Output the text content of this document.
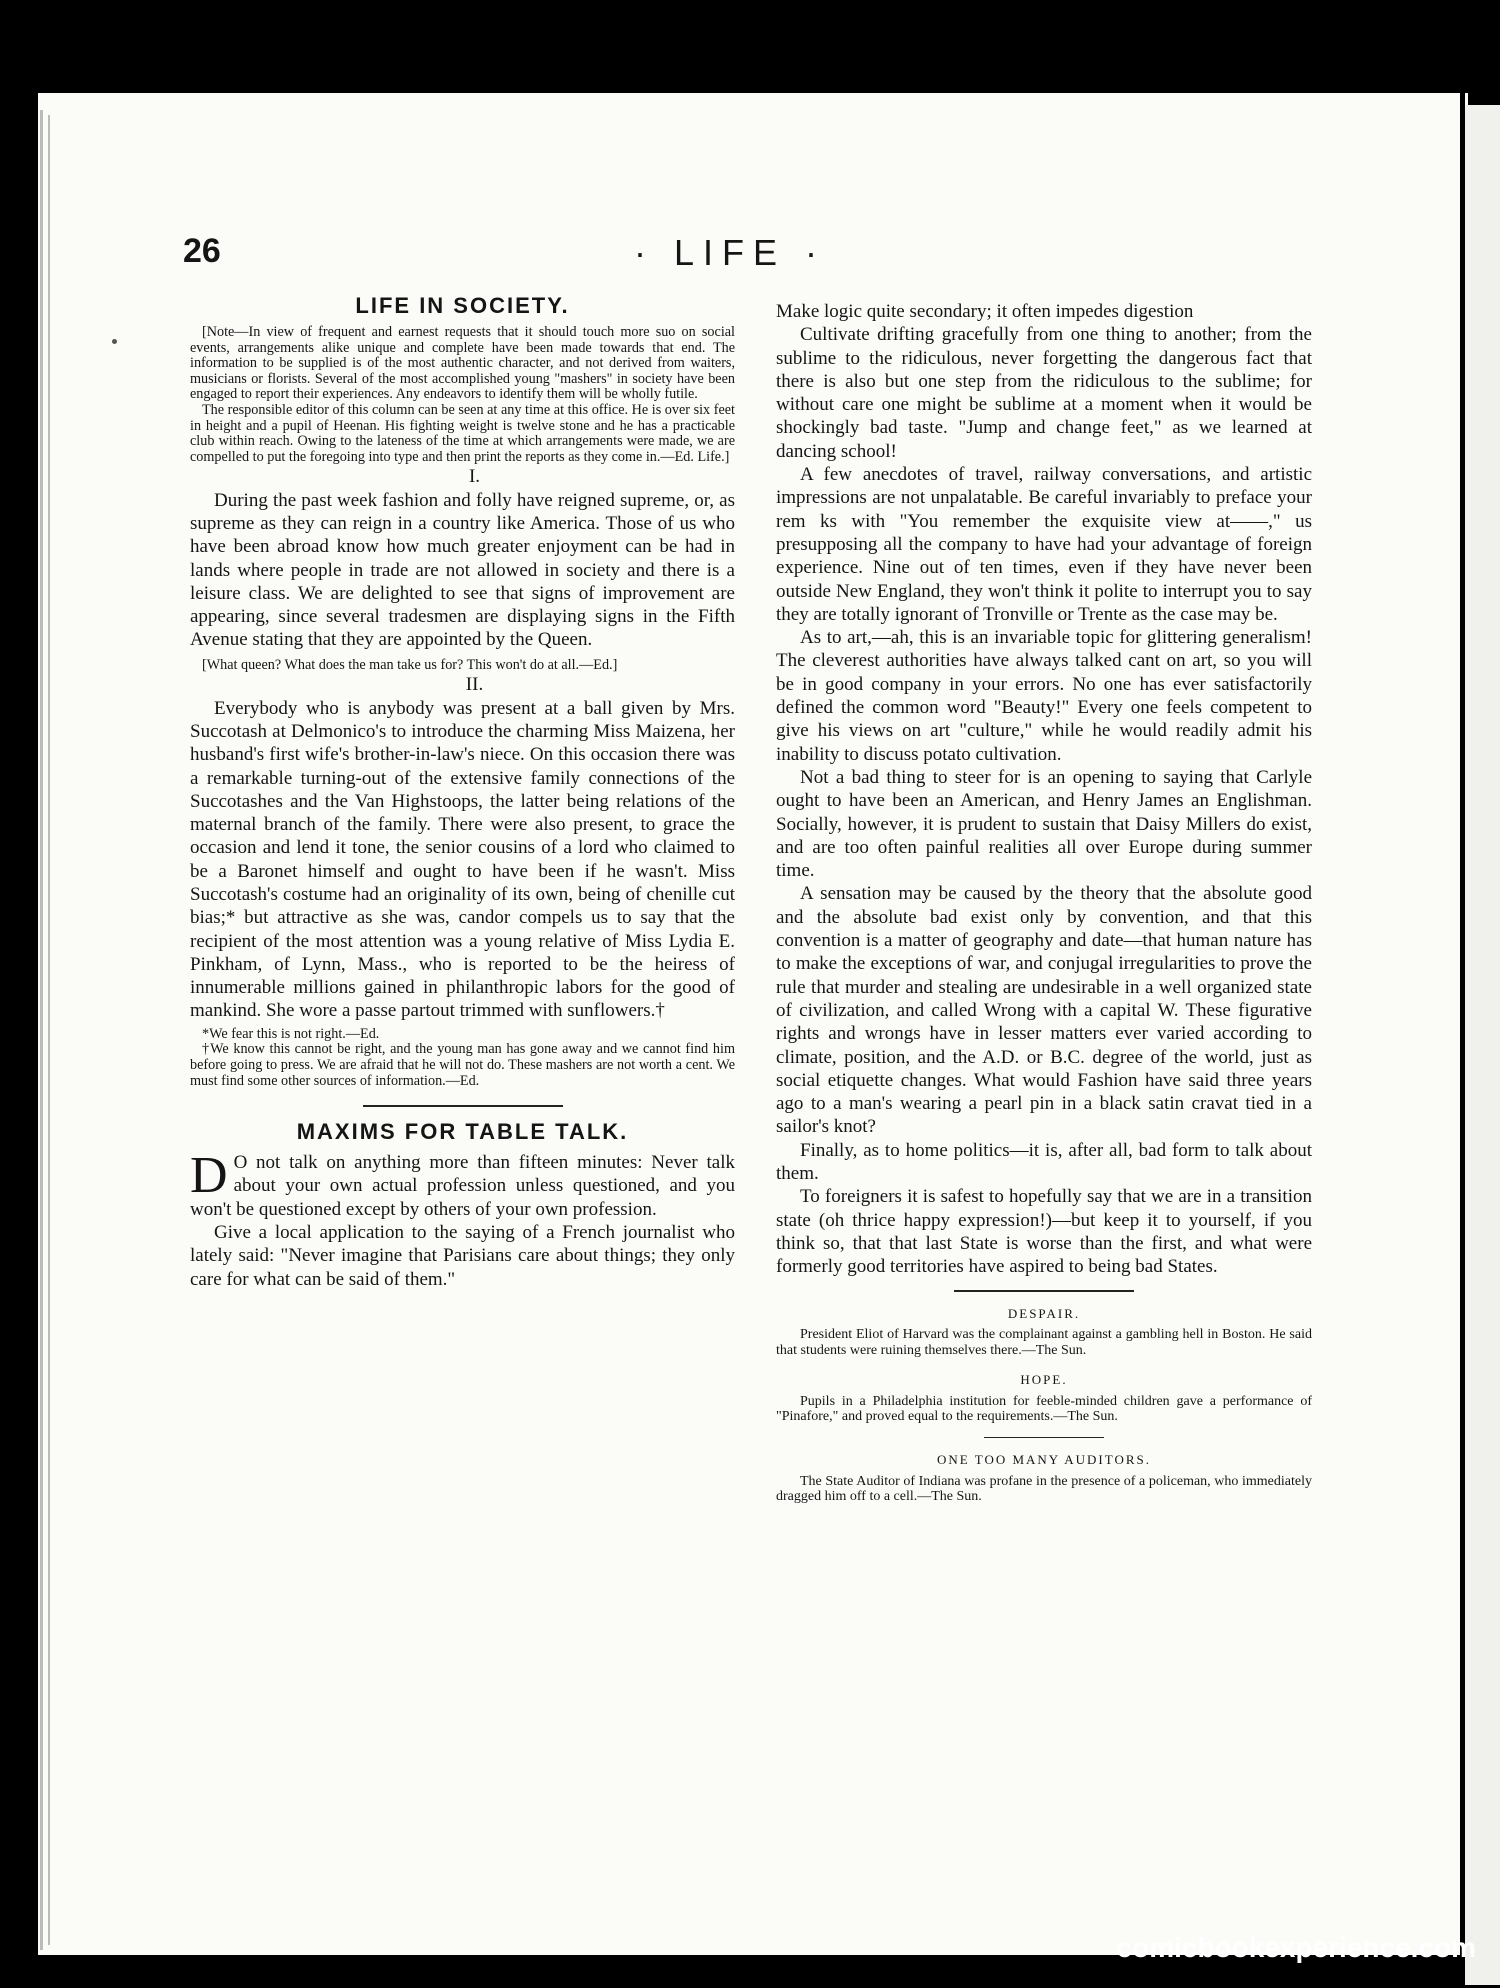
26	· LIFE ·
LIFE IN SOCIETY.

[Note—In view of frequent and earnest requests that it should touch more suo on social events, arrangements alike unique and complete have been made towards that end. The information to be supplied is of the most authentic character, and not derived from waiters, musicians or florists. Several of the most accomplished young "mashers" in society have been engaged to report their experiences. Any endeavors to identify them will be wholly futile.

The responsible editor of this column can be seen at any time at this office. He is over six feet in height and a pupil of Heenan. His fighting weight is twelve stone and he has a practicable club within reach. Owing to the lateness of the time at which arrangements were made, we are compelled to put the foregoing into type and then print the reports as they come in.—Ed. Life.]

I.

During the past week fashion and folly have reigned supreme, or, as supreme as they can reign in a country like America. Those of us who have been abroad know how much greater enjoyment can be had in lands where people in trade are not allowed in society and there is a leisure class. We are delighted to see that signs of improvement are appearing, since several tradesmen are displaying signs in the Fifth Avenue stating that they are appointed by the Queen.

[What queen? What does the man take us for? This won't do at all.—Ed.]

II.

Everybody who is anybody was present at a ball given by Mrs. Succotash at Delmonico's to introduce the charming Miss Maizena, her husband's first wife's brother-in-law's niece. On this occasion there was a remarkable turning-out of the extensive family connections of the Succotashes and the Van Highstoops, the latter being relations of the maternal branch of the family. There were also present, to grace the occasion and lend it tone, the senior cousins of a lord who claimed to be a Baronet himself and ought to have been if he wasn't. Miss Succotash's costume had an originality of its own, being of chenille cut bias;* but attractive as she was, candor compels us to say that the recipient of the most attention was a young relative of Miss Lydia E. Pinkham, of Lynn, Mass., who is reported to be the heiress of innumerable millions gained in philanthropic labors for the good of mankind. She wore a passe partout trimmed with sunflowers.†

*We fear this is not right.—Ed.

†We know this cannot be right, and the young man has gone away and we cannot find him before going to press. We are afraid that he will not do. These mashers are not worth a cent. We must find some other sources of information.—Ed.

MAXIMS FOR TABLE TALK.

D O not talk on anything more than fifteen minutes: Never talk about your own actual profession unless questioned, and you won't be questioned except by others of your own profession.

Give a local application to the saying of a French journalist who lately said: "Never imagine that Parisians care about things; they only care for what can be said of them."

Make logic quite secondary; it often impedes digestion

Cultivate drifting gracefully from one thing to another; from the sublime to the ridiculous, never forgetting the dangerous fact that there is also but one step from the ridiculous to the sublime; for without care one might be sublime at a moment when it would be shockingly bad taste. "Jump and change feet," as we learned at dancing school!

A few anecdotes of travel, railway conversations, and artistic impressions are not unpalatable. Be careful invariably to preface your rem ks with "You remember the exquisite view at——," us presupposing all the company to have had your advantage of foreign experience. Nine out of ten times, even if they have never been outside New England, they won't think it polite to interrupt you to say they are totally ignorant of Tronville or Trente as the case may be.

As to art,—ah, this is an invariable topic for glittering generalism! The cleverest authorities have always talked cant on art, so you will be in good company in your errors. No one has ever satisfactorily defined the common word "Beauty!" Every one feels competent to give his views on art "culture," while he would readily admit his inability to discuss potato cultivation.

Not a bad thing to steer for is an opening to saying that Carlyle ought to have been an American, and Henry James an Englishman. Socially, however, it is prudent to sustain that Daisy Millers do exist, and are too often painful realities all over Europe during summer time.

A sensation may be caused by the theory that the absolute good and the absolute bad exist only by convention, and that this convention is a matter of geography and date—that human nature has to make the exceptions of war, and conjugal irregularities to prove the rule that murder and stealing are undesirable in a well organized state of civilization, and called Wrong with a capital W. These figurative rights and wrongs have in lesser matters ever varied according to climate, position, and the A.D. or B.C. degree of the world, just as social etiquette changes. What would Fashion have said three years ago to a man's wearing a pearl pin in a black satin cravat tied in a sailor's knot?

Finally, as to home politics—it is, after all, bad form to talk about them.

To foreigners it is safest to hopefully say that we are in a transition state (oh thrice happy expression!)—but keep it to yourself, if you think so, that that last State is worse than the first, and what were formerly good territories have aspired to being bad States.

DESPAIR.

President Eliot of Harvard was the complainant against a gambling hell in Boston. He said that students were ruining themselves there.—The Sun.

HOPE.

Pupils in a Philadelphia institution for feeble-minded children gave a performance of "Pinafore," and proved equal to the requirements.—The Sun.

ONE TOO MANY AUDITORS.

The State Auditor of Indiana was profane in the presence of a policeman, who immediately dragged him off to a cell.—The Sun.

comicbookexperience.com
